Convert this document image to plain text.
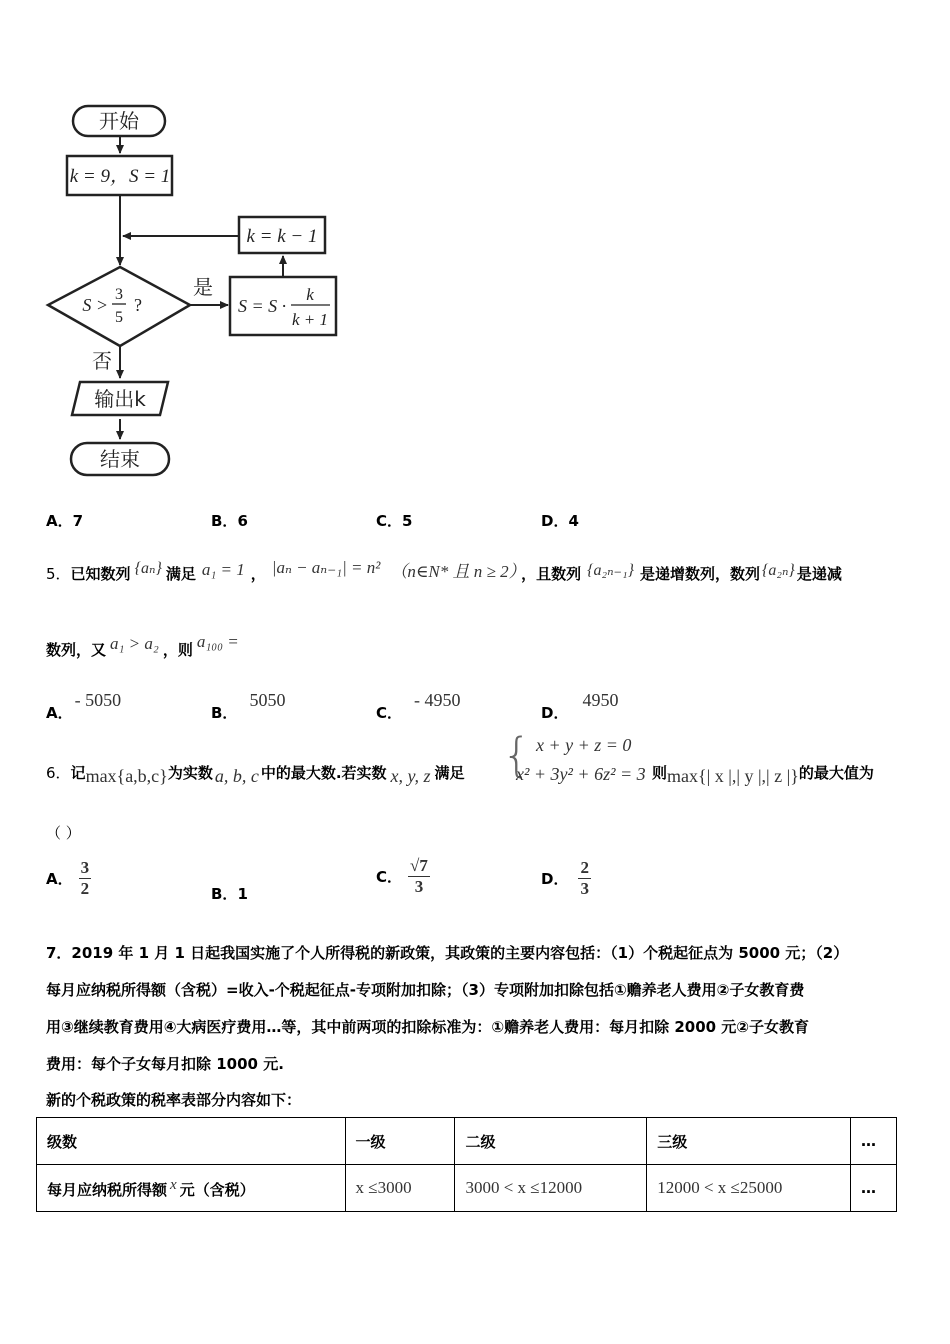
开始
k = 9，S = 1
k = k − 1
S >
3
5
?
是
否
S = S ·
k
k + 1
输出k
结束
A．7	B．6	C．5	D．4
5．已知数列 {aₙ} 满足 a₁ = 1 ， |aₙ − aₙ₋₁| = n² （n∈N* 且 n ≥ 2） ，且数列 {a₂ₙ₋₁} 是递增数列，数列 {a₂ₙ} 是递减
数列，又 a₁ > a₂ ，则 a₁₀₀ =
A．- 5050
B．5050
C．- 4950
D．4950
6．记max{a,b,c}为实数 a, b, c 中的最大数.若实数 x, y, z 满足 { x + y + z = 0
x² + 3y² + 6z² = 3 则max{| x |,| y |,| z |}的最大值为
（ ）
A． $\frac{3}{2}$	B．1
C． $\frac{√7}{3}$	D． $\frac{2}{3}$
7．2019 年 1 月 1 日起我国实施了个人所得税的新政策，其政策的主要内容包括：（1）个税起征点为 5000 元；（2）
每月应纳税所得额（含税）=收入-个税起征点-专项附加扣除；（3）专项附加扣除包括①赡养老人费用②子女教育费
用③继续教育费用④大病医疗费用…等，其中前两项的扣除标准为：①赡养老人费用：每月扣除 2000 元②子女教育
费用：每个子女每月扣除 1000 元.
新的个税政策的税率表部分内容如下：
级数	一级	二级	三级	…
每月应纳税所得额 x 元（含税）	x ≤3000	3000 < x ≤12000	12000 < x ≤25000	…
